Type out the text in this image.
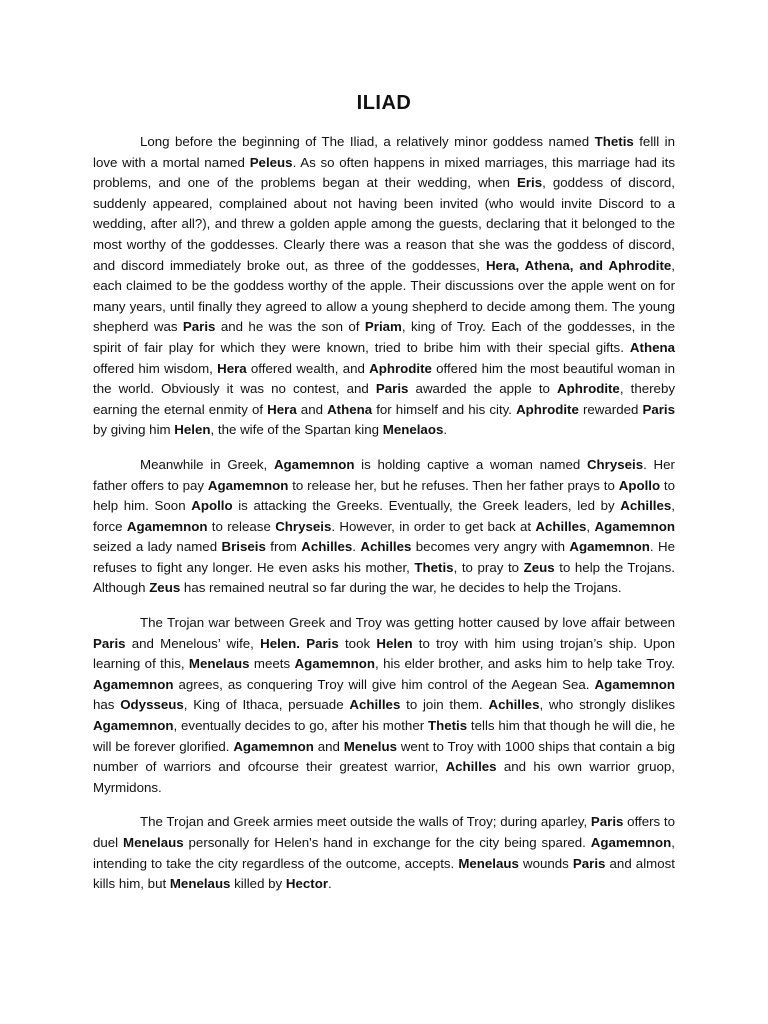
ILIAD

Long before the beginning of The Iliad, a relatively minor goddess named Thetis felll in love with a mortal named Peleus. As so often happens in mixed marriages, this marriage had its problems, and one of the problems began at their wedding, when Eris, goddess of discord, suddenly appeared, complained about not having been invited (who would invite Discord to a wedding, after all?), and threw a golden apple among the guests, declaring that it belonged to the most worthy of the goddesses. Clearly there was a reason that she was the goddess of discord, and discord immediately broke out, as three of the goddesses, Hera, Athena, and Aphrodite, each claimed to be the goddess worthy of the apple. Their discussions over the apple went on for many years, until finally they agreed to allow a young shepherd to decide among them. The young shepherd was Paris and he was the son of Priam, king of Troy. Each of the goddesses, in the spirit of fair play for which they were known, tried to bribe him with their special gifts. Athena offered him wisdom, Hera offered wealth, and Aphrodite offered him the most beautiful woman in the world. Obviously it was no contest, and Paris awarded the apple to Aphrodite, thereby earning the eternal enmity of Hera and Athena for himself and his city. Aphrodite rewarded Paris by giving him Helen, the wife of the Spartan king Menelaos.

Meanwhile in Greek, Agamemnon is holding captive a woman named Chryseis. Her father offers to pay Agamemnon to release her, but he refuses. Then her father prays to Apollo to help him. Soon Apollo is attacking the Greeks. Eventually, the Greek leaders, led by Achilles, force Agamemnon to release Chryseis. However, in order to get back at Achilles, Agamemnon seized a lady named Briseis from Achilles. Achilles becomes very angry with Agamemnon. He refuses to fight any longer. He even asks his mother, Thetis, to pray to Zeus to help the Trojans. Although Zeus has remained neutral so far during the war, he decides to help the Trojans.

The Trojan war between Greek and Troy was getting hotter caused by love affair between Paris and Menelous’ wife, Helen. Paris took Helen to troy with him using trojan’s ship. Upon learning of this, Menelaus meets Agamemnon, his elder brother, and asks him to help take Troy. Agamemnon agrees, as conquering Troy will give him control of the Aegean Sea. Agamemnon has Odysseus, King of Ithaca, persuade Achilles to join them. Achilles, who strongly dislikes Agamemnon, eventually decides to go, after his mother Thetis tells him that though he will die, he will be forever glorified. Agamemnon and Menelus went to Troy with 1000 ships that contain a big number of warriors and ofcourse their greatest warrior, Achilles and his own warrior gruop, Myrmidons.

The Trojan and Greek armies meet outside the walls of Troy; during aparley, Paris offers to duel Menelaus personally for Helen's hand in exchange for the city being spared. Agamemnon, intending to take the city regardless of the outcome, accepts. Menelaus wounds Paris and almost kills him, but Menelaus killed by Hector.
